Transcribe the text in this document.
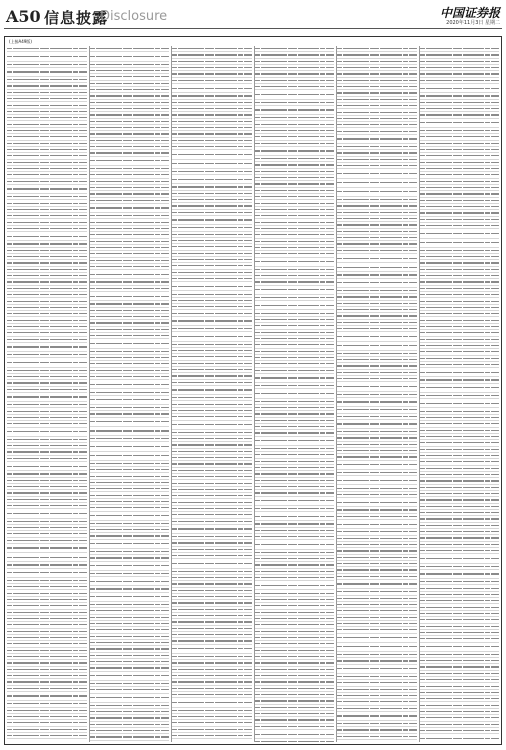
A50 信息披露
Disclosure	中国证券报
2020年11月3日 星期二
(上接A49版)
